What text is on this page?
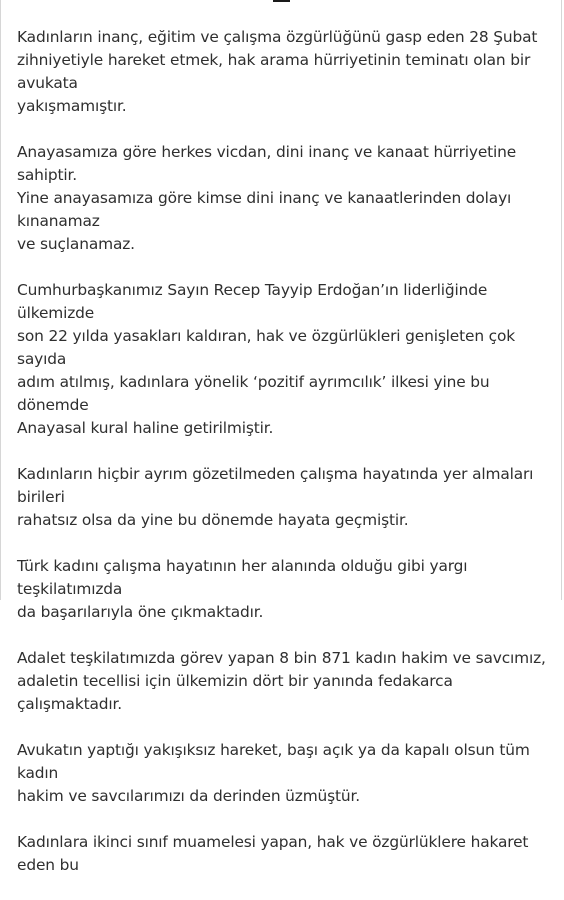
Kadınların inanç, eğitim ve çalışma özgürlüğünü gasp eden 28 Şubat
zihniyetiyle hareket etmek, hak arama hürriyetinin teminatı olan bir avukata
yakışmamıştır.

Anayasamıza göre herkes vicdan, dini inanç ve kanaat hürriyetine sahiptir.
Yine anayasamıza göre kimse dini inanç ve kanaatlerinden dolayı kınanamaz
ve suçlanamaz.

Cumhurbaşkanımız Sayın Recep Tayyip Erdoğan’ın liderliğinde ülkemizde
son 22 yılda yasakları kaldıran, hak ve özgürlükleri genişleten çok sayıda
adım atılmış, kadınlara yönelik ‘pozitif ayrımcılık’ ilkesi yine bu dönemde
Anayasal kural haline getirilmiştir.

Kadınların hiçbir ayrım gözetilmeden çalışma hayatında yer almaları birileri
rahatsız olsa da yine bu dönemde hayata geçmiştir.

Türk kadını çalışma hayatının her alanında olduğu gibi yargı teşkilatımızda
da başarılarıyla öne çıkmaktadır.

Adalet teşkilatımızda görev yapan 8 bin 871 kadın hakim ve savcımız,
adaletin tecellisi için ülkemizin dört bir yanında fedakarca çalışmaktadır.

Avukatın yaptığı yakışıksız hareket, başı açık ya da kapalı olsun tüm kadın
hakim ve savcılarımızı da derinden üzmüştür.

Kadınlara ikinci sınıf muamelesi yapan, hak ve özgürlüklere hakaret eden bu
